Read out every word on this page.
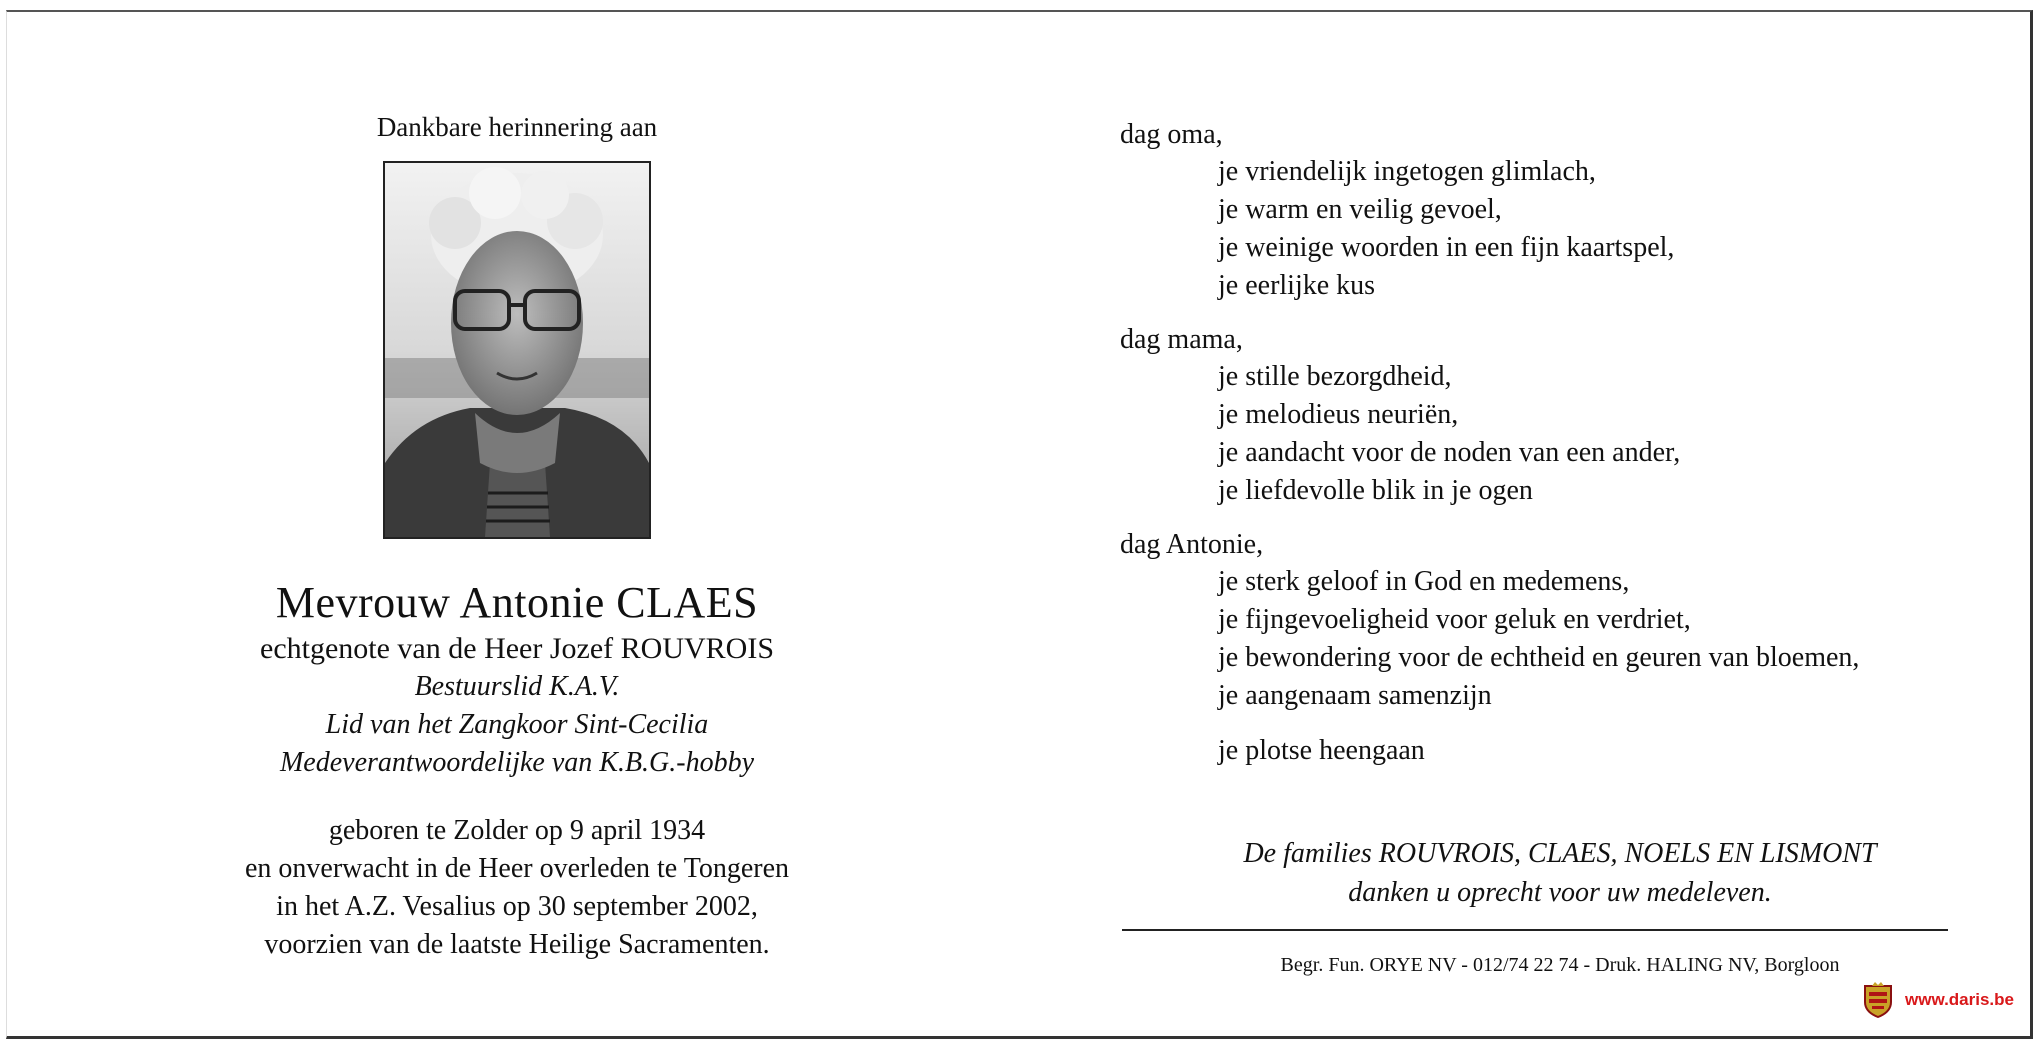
Dankbare herinnering aan
Mevrouw Antonie CLAES
echtgenote van de Heer Jozef ROUVROIS
Bestuurslid K.A.V.
Lid van het Zangkoor Sint-Cecilia
Medeverantwoordelijke van K.B.G.-hobby
geboren te Zolder op 9 april 1934
en onverwacht in de Heer overleden te Tongeren
in het A.Z. Vesalius op 30 september 2002,
voorzien van de laatste Heilige Sacramenten.
dag oma,
je vriendelijk ingetogen glimlach,
je warm en veilig gevoel,
je weinige woorden in een fijn kaartspel,
je eerlijke kus
dag mama,
je stille bezorgdheid,
je melodieus neuriën,
je aandacht voor de noden van een ander,
je liefdevolle blik in je ogen
dag Antonie,
je sterk geloof in God en medemens,
je fijngevoeligheid voor geluk en verdriet,
je bewondering voor de echtheid en geuren van bloemen,
je aangenaam samenzijn
je plotse heengaan
De families ROUVROIS, CLAES, NOELS EN LISMONT
danken u oprecht voor uw medeleven.
Begr. Fun. ORYE NV - 012/74 22 74 - Druk. HALING NV, Borgloon
www.daris.be
